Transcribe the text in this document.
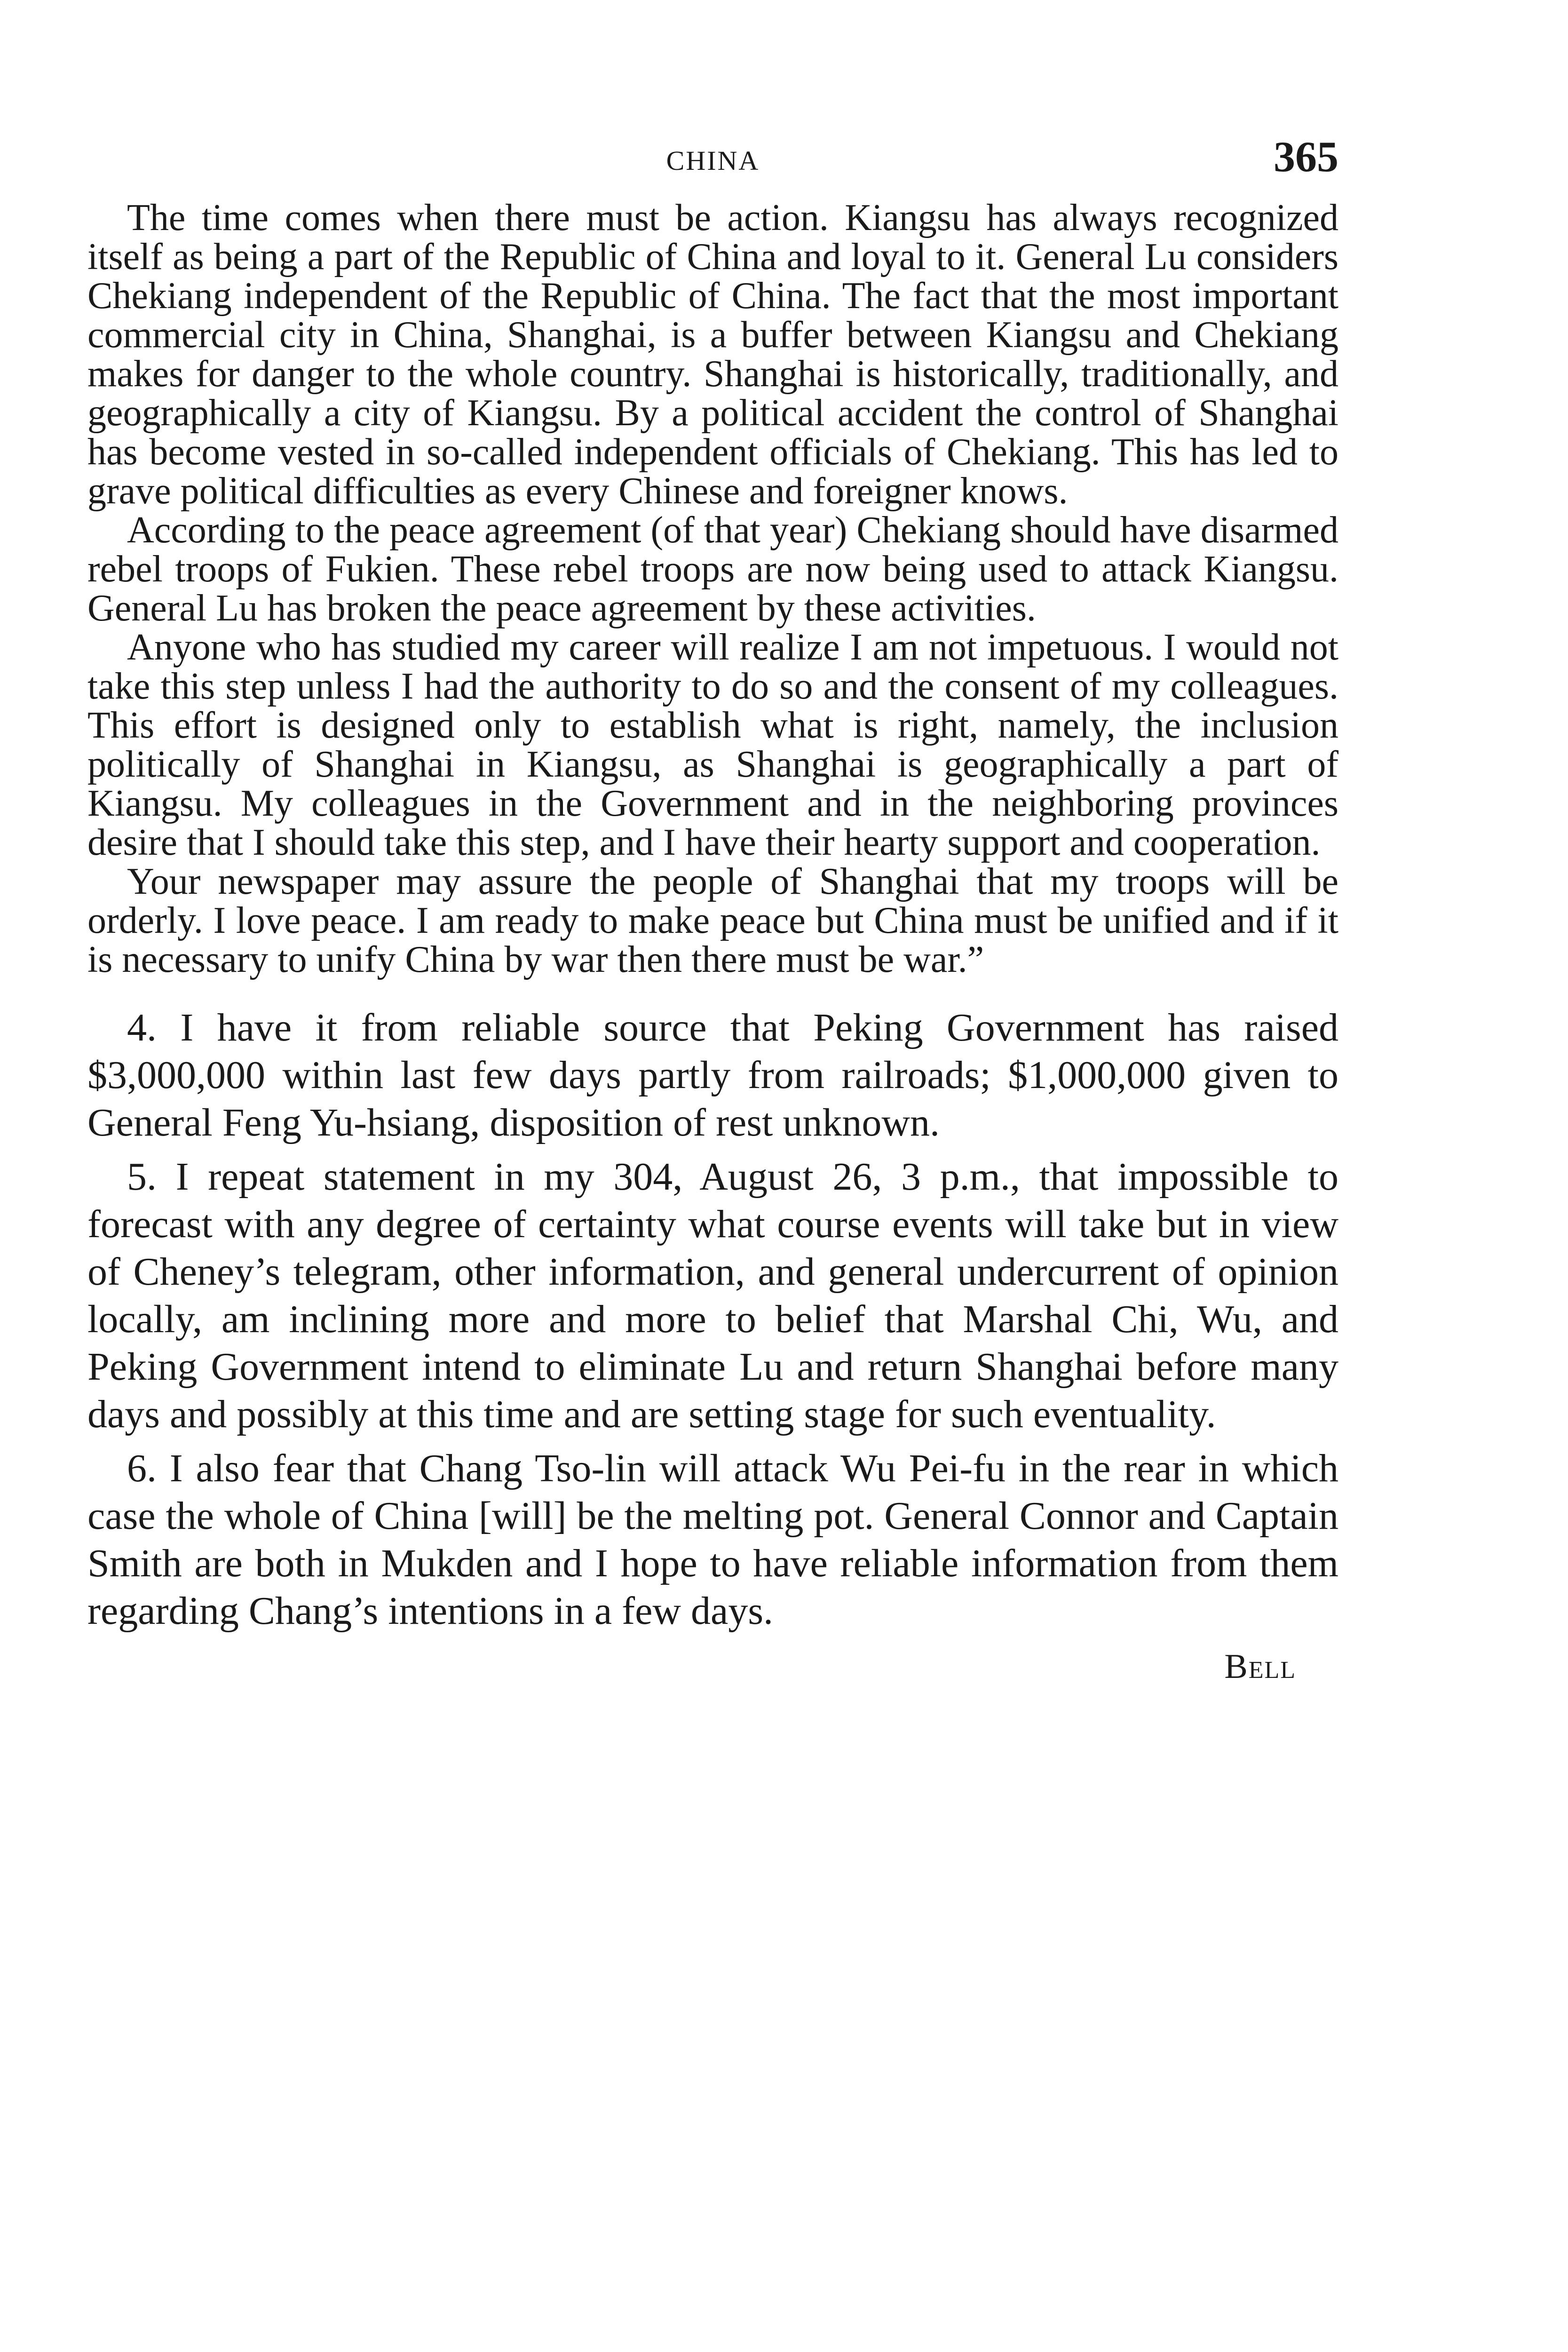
CHINA	365

The time comes when there must be action. Kiangsu has always recognized itself as being a part of the Republic of China and loyal to it. General Lu considers Chekiang independent of the Republic of China. The fact that the most important commercial city in China, Shanghai, is a buffer between Kiangsu and Chekiang makes for danger to the whole country. Shanghai is historically, traditionally, and geographically a city of Kiangsu. By a political accident the control of Shanghai has become vested in so-called independent officials of Chekiang. This has led to grave political difficulties as every Chinese and foreigner knows.

According to the peace agreement (of that year) Chekiang should have disarmed rebel troops of Fukien. These rebel troops are now being used to attack Kiangsu. General Lu has broken the peace agreement by these activities.

Anyone who has studied my career will realize I am not impetuous. I would not take this step unless I had the authority to do so and the consent of my colleagues. This effort is designed only to establish what is right, namely, the inclusion politically of Shanghai in Kiangsu, as Shanghai is geographically a part of Kiangsu. My colleagues in the Government and in the neighboring provinces desire that I should take this step, and I have their hearty support and cooperation.

Your newspaper may assure the people of Shanghai that my troops will be orderly. I love peace. I am ready to make peace but China must be unified and if it is necessary to unify China by war then there must be war.”

4. I have it from reliable source that Peking Government has raised $3,000,000 within last few days partly from railroads; $1,000,000 given to General Feng Yu-hsiang, disposition of rest unknown.

5. I repeat statement in my 304, August 26, 3 p.m., that impossible to forecast with any degree of certainty what course events will take but in view of Cheney’s telegram, other information, and general undercurrent of opinion locally, am inclining more and more to belief that Marshal Chi, Wu, and Peking Government intend to eliminate Lu and return Shanghai before many days and possibly at this time and are setting stage for such eventuality.

6. I also fear that Chang Tso-lin will attack Wu Pei-fu in the rear in which case the whole of China [will] be the melting pot. General Connor and Captain Smith are both in Mukden and I hope to have reliable information from them regarding Chang’s intentions in a few days.

Bell
